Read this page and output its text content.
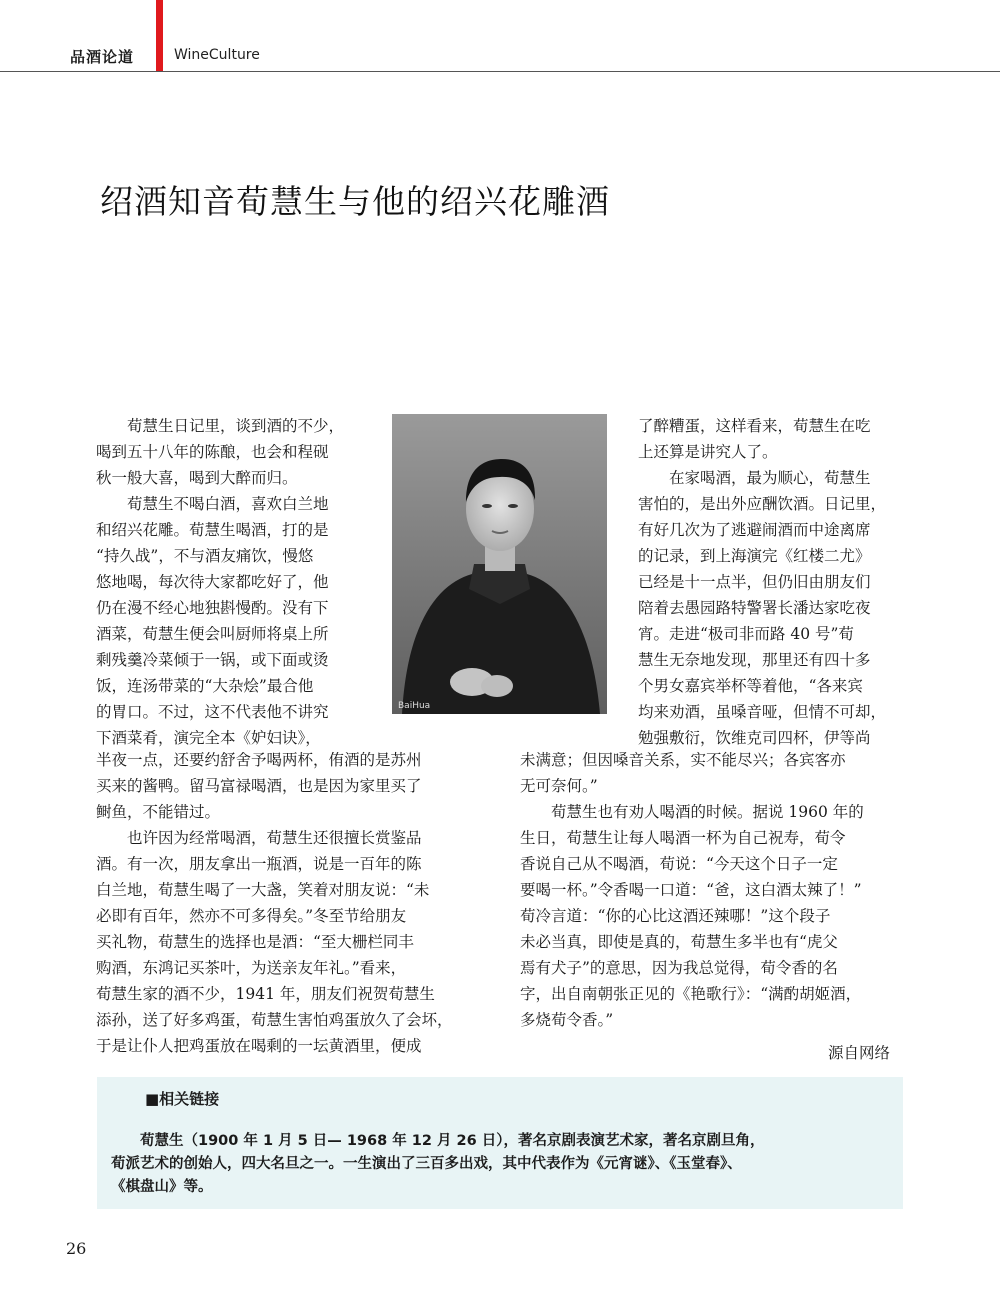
品酒论道	WineCulture
绍酒知音荀慧生与他的绍兴花雕酒
　　荀慧生日记里，谈到酒的不少，
喝到五十八年的陈酿，也会和程砚
秋一般大喜，喝到大醉而归。
　　荀慧生不喝白酒，喜欢白兰地
和绍兴花雕。荀慧生喝酒，打的是
“持久战”，不与酒友痛饮，慢悠
悠地喝，每次待大家都吃好了，他
仍在漫不经心地独斟慢酌。没有下
酒菜，荀慧生便会叫厨师将桌上所
剩残羹冷菜倾于一锅，或下面或烫
饭，连汤带菜的“大杂烩”最合他
的胃口。不过，这不代表他不讲究
下酒菜肴，演完全本《妒妇诀》，
BaiHua
了醉糟蛋，这样看来，荀慧生在吃
上还算是讲究人了。
　　在家喝酒，最为顺心，荀慧生
害怕的，是出外应酬饮酒。日记里，
有好几次为了逃避闹酒而中途离席
的记录，到上海演完《红楼二尤》
已经是十一点半，但仍旧由朋友们
陪着去愚园路特警署长潘达家吃夜
宵。走进“极司非而路 40 号”荀
慧生无奈地发现，那里还有四十多
个男女嘉宾举杯等着他，“各来宾
均来劝酒，虽嗓音哑，但情不可却，
勉强敷衍，饮维克司四杯，伊等尚
半夜一点，还要约舒舍予喝两杯，侑酒的是苏州
买来的酱鸭。留马富禄喝酒，也是因为家里买了
鲥鱼，不能错过。
　　也许因为经常喝酒，荀慧生还很擅长赏鉴品
酒。有一次，朋友拿出一瓶酒，说是一百年的陈
白兰地，荀慧生喝了一大盏，笑着对朋友说：“未
必即有百年，然亦不可多得矣。”冬至节给朋友
买礼物，荀慧生的选择也是酒：“至大栅栏同丰
购酒，东鸿记买茶叶，为送亲友年礼。”看来，
荀慧生家的酒不少，1941 年，朋友们祝贺荀慧生
添孙，送了好多鸡蛋，荀慧生害怕鸡蛋放久了会坏，
于是让仆人把鸡蛋放在喝剩的一坛黄酒里，便成
未满意；但因嗓音关系，实不能尽兴；各宾客亦
无可奈何。”
　　荀慧生也有劝人喝酒的时候。据说 1960 年的
生日，荀慧生让每人喝酒一杯为自己祝寿，荀令
香说自己从不喝酒，荀说：“今天这个日子一定
要喝一杯。”令香喝一口道：“爸，这白酒太辣了！”
荀冷言道：“你的心比这酒还辣哪！”这个段子
未必当真，即使是真的，荀慧生多半也有“虎父
焉有犬子”的意思，因为我总觉得，荀令香的名
字，出自南朝张正见的《艳歌行》：“满酌胡姬酒，
多烧荀令香。”
源自网络
■相关链接
　　荀慧生（1900 年 1 月 5 日— 1968 年 12 月 26 日），著名京剧表演艺术家，著名京剧旦角，
荀派艺术的创始人，四大名旦之一。一生演出了三百多出戏，其中代表作为《元宵谜》、《玉堂春》、
《棋盘山》等。
26
